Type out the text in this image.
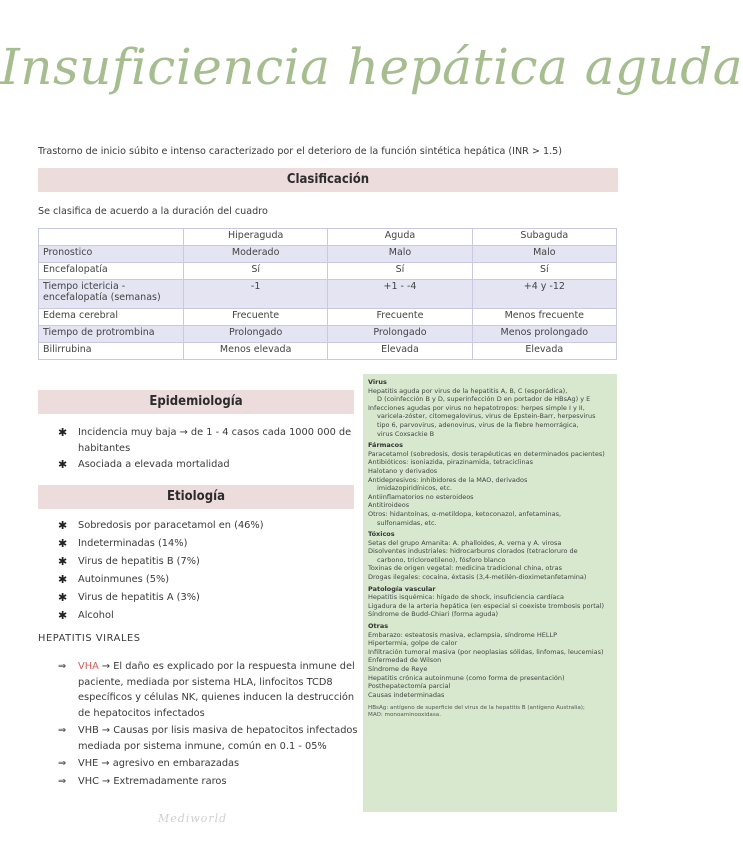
Insuficiencia hepática aguda
Trastorno de inicio súbito e intenso caracterizado por el deterioro de la función sintética hepática (INR > 1.5)
Clasificación
Se clasifica de acuerdo a la duración del cuadro
	Hiperaguda	Aguda	Subaguda
Pronostico	Moderado	Malo	Malo
Encefalopatía	Sí	Sí	Sí
Tiempo ictericia - encefalopatía (semanas)	-1	+1 - -4	+4 y -12
Edema cerebral	Frecuente	Frecuente	Menos frecuente
Tiempo de protrombina	Prolongado	Prolongado	Menos prolongado
Bilirrubina	Menos elevada	Elevada	Elevada
Epidemiología
✱ Incidencia muy baja → de 1 - 4 casos cada 1000 000 de habitantes
✱ Asociada a elevada mortalidad
Etiología
✱ Sobredosis por paracetamol en (46%)
✱ Indeterminadas (14%)
✱ Virus de hepatitis B (7%)
✱ Autoinmunes (5%)
✱ Virus de hepatitis A (3%)
✱ Alcohol
HEPATITIS VIRALES
⇒ VHA → El daño es explicado por la respuesta inmune del paciente, mediada por sistema HLA, linfocitos TCD8 específicos y células NK, quienes inducen la destrucción de hepatocitos infectados
⇒ VHB → Causas por lisis masiva de hepatocitos infectados mediada por sistema inmune, común en 0.1 - 05%
⇒ VHE → agresivo en embarazadas
⇒ VHC → Extremadamente raros
Virus
Hepatitis aguda por virus de la hepatitis A, B, C (esporádica),
D (coinfección B y D, superinfección D en portador de HBsAg) y E
Infecciones agudas por virus no hepatotropos: herpes simple I y II,
varicela-zóster, citomegalovirus, virus de Epstein-Barr, herpesvirus
tipo 6, parvovirus, adenovirus, virus de la fiebre hemorrágica,
virus Coxsackie B
Fármacos
Paracetamol (sobredosis, dosis terapéuticas en determinados pacientes)
Antibióticos: isoniazida, pirazinamida, tetraciclinas
Halotano y derivados
Antidepresivos: inhibidores de la MAO, derivados
imidazopiridínicos, etc.
Antiinflamatorios no esteroideos
Antitiroideos
Otros: hidantoínas, α-metildopa, ketoconazol, anfetaminas,
sulfonamidas, etc.
Tóxicos
Setas del grupo Amanita: A. phalloides, A. verna y A. virosa
Disolventes industriales: hidrocarburos clorados (tetracloruro de
carbono, tricloroetileno), fósforo blanco
Toxinas de origen vegetal: medicina tradicional china, otras
Drogas ilegales: cocaína, éxtasis (3,4-metilén-dioximetanfetamina)
Patología vascular
Hepatitis isquémica: hígado de shock, insuficiencia cardíaca
Ligadura de la arteria hepática (en especial si coexiste trombosis portal)
Síndrome de Budd-Chiari (forma aguda)
Otras
Embarazo: esteatosis masiva, eclampsia, síndrome HELLP
Hipertermia, golpe de calor
Infiltración tumoral masiva (por neoplasias sólidas, linfomas, leucemias)
Enfermedad de Wilson
Síndrome de Reye
Hepatitis crónica autoinmune (como forma de presentación)
Posthepatectomía parcial
Causas indeterminadas
HBsAg: antígeno de superficie del virus de la hepatitis B (antígeno Australia);
MAO: monoaminooxidasa.
Mediworld
